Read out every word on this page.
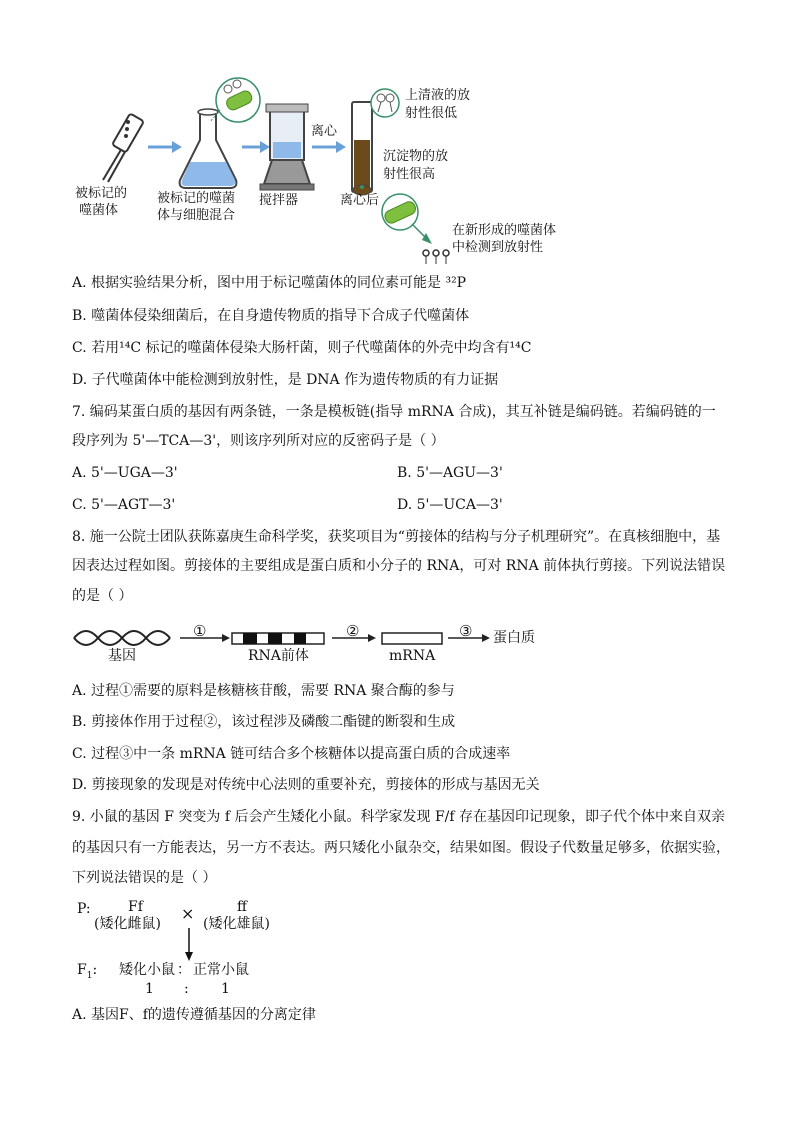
被标记的
噬菌体
被标记的噬菌
体与细胞混合
搅拌器
离心
离心后
上清液的放
射性很低
沉淀物的放
射性很高
在新形成的噬菌体
中检测到放射性
A. 根据实验结果分析，图中用于标记噬菌体的同位素可能是 ³²P
B. 噬菌体侵染细菌后，在自身遗传物质的指导下合成子代噬菌体
C. 若用¹⁴C 标记的噬菌体侵染大肠杆菌，则子代噬菌体的外壳中均含有¹⁴C
D. 子代噬菌体中能检测到放射性，是 DNA 作为遗传物质的有力证据
7. 编码某蛋白质的基因有两条链，一条是模板链(指导 mRNA 合成)，其互补链是编码链。若编码链的一
段序列为 5'—TCA—3'，则该序列所对应的反密码子是（ ）
A. 5'—UGA—3'	B. 5'—AGU—3'
C. 5'—AGT—3'	D. 5'—UCA—3'
8. 施一公院士团队获陈嘉庚生命科学奖，获奖项目为“剪接体的结构与分子机理研究”。在真核细胞中，基
因表达过程如图。剪接体的主要组成是蛋白质和小分子的 RNA，可对 RNA 前体执行剪接。下列说法错误
的是（ ）
基因
①
RNA前体
②
mRNA
③ 蛋白质
A. 过程①需要的原料是核糖核苷酸，需要 RNA 聚合酶的参与
B. 剪接体作用于过程②，该过程涉及磷酸二酯键的断裂和生成
C. 过程③中一条 mRNA 链可结合多个核糖体以提高蛋白质的合成速率
D. 剪接现象的发现是对传统中心法则的重要补充，剪接体的形成与基因无关
9. 小鼠的基因 F 突变为 f 后会产生矮化小鼠。科学家发现 F/f 存在基因印记现象，即子代个体中来自双亲
的基因只有一方能表达，另一方不表达。两只矮化小鼠杂交，结果如图。假设子代数量足够多，依据实验，
下列说法错误的是（ ）
P:	Ff
(矮化雌鼠)
×	ff
(矮化雄鼠)
$F_1$: 矮化小鼠 ： 正常小鼠
1 : 1
A. 基因F、f的遗传遵循基因的分离定律
